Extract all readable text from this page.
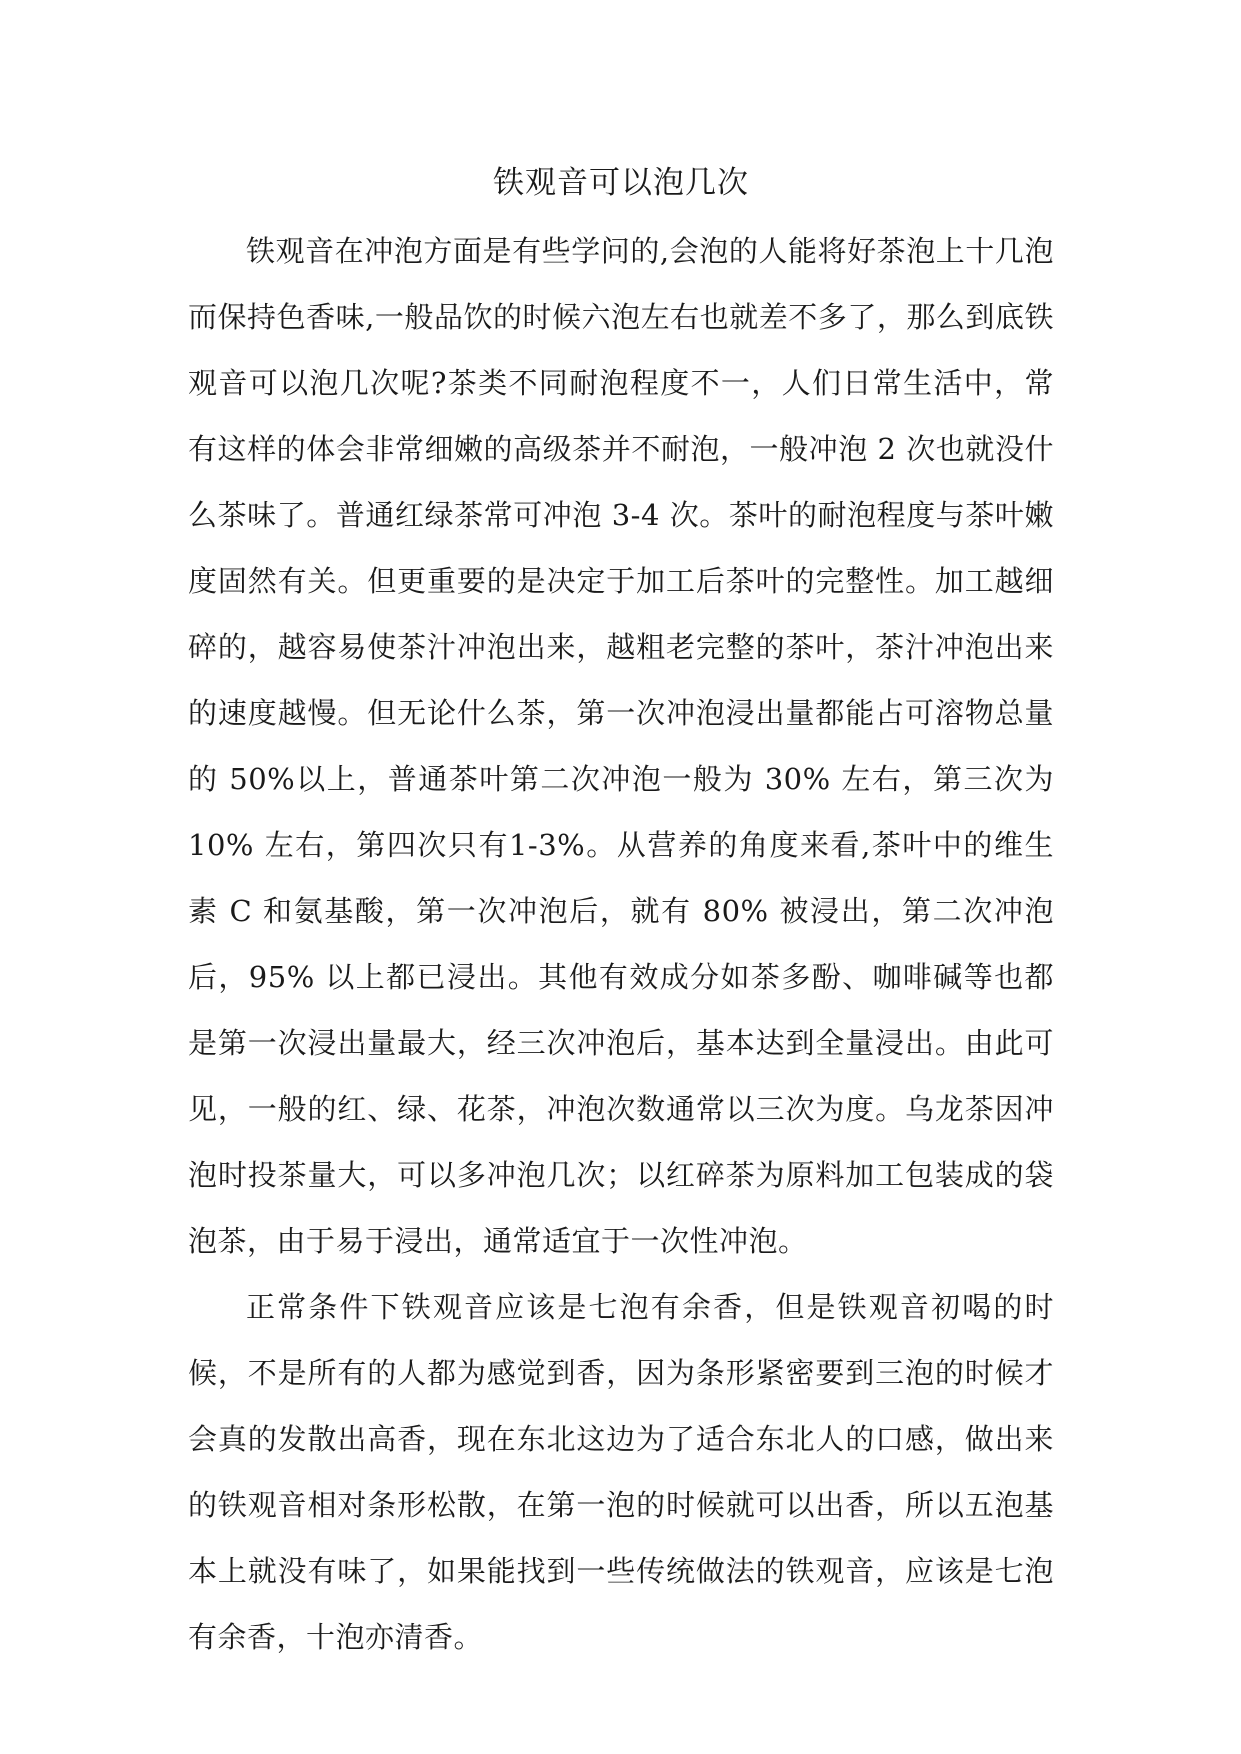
铁观音可以泡几次

铁观音在冲泡方面是有些学问的,会泡的人能将好茶泡上十几泡而保持色香味,一般品饮的时候六泡左右也就差不多了，那么到底铁观音可以泡几次呢?茶类不同耐泡程度不一，人们日常生活中，常有这样的体会非常细嫩的高级茶并不耐泡，一般冲泡 2 次也就没什么茶味了。普通红绿茶常可冲泡 3-4 次。茶叶的耐泡程度与茶叶嫩度固然有关。但更重要的是决定于加工后茶叶的完整性。加工越细碎的，越容易使茶汁冲泡出来，越粗老完整的茶叶，茶汁冲泡出来的速度越慢。但无论什么茶，第一次冲泡浸出量都能占可溶物总量的 50%以上，普通茶叶第二次冲泡一般为 30% 左右，第三次为 10% 左右，第四次只有1-3%。从营养的角度来看,茶叶中的维生素 C 和氨基酸，第一次冲泡后，就有 80% 被浸出，第二次冲泡后，95% 以上都已浸出。其他有效成分如茶多酚、咖啡碱等也都是第一次浸出量最大，经三次冲泡后，基本达到全量浸出。由此可见，一般的红、绿、花茶，冲泡次数通常以三次为度。乌龙茶因冲泡时投茶量大，可以多冲泡几次；以红碎茶为原料加工包装成的袋泡茶，由于易于浸出，通常适宜于一次性冲泡。

正常条件下铁观音应该是七泡有余香，但是铁观音初喝的时候，不是所有的人都为感觉到香，因为条形紧密要到三泡的时候才会真的发散出高香，现在东北这边为了适合东北人的口感，做出来的铁观音相对条形松散，在第一泡的时候就可以出香，所以五泡基本上就没有味了，如果能找到一些传统做法的铁观音，应该是七泡有余香，十泡亦清香。
